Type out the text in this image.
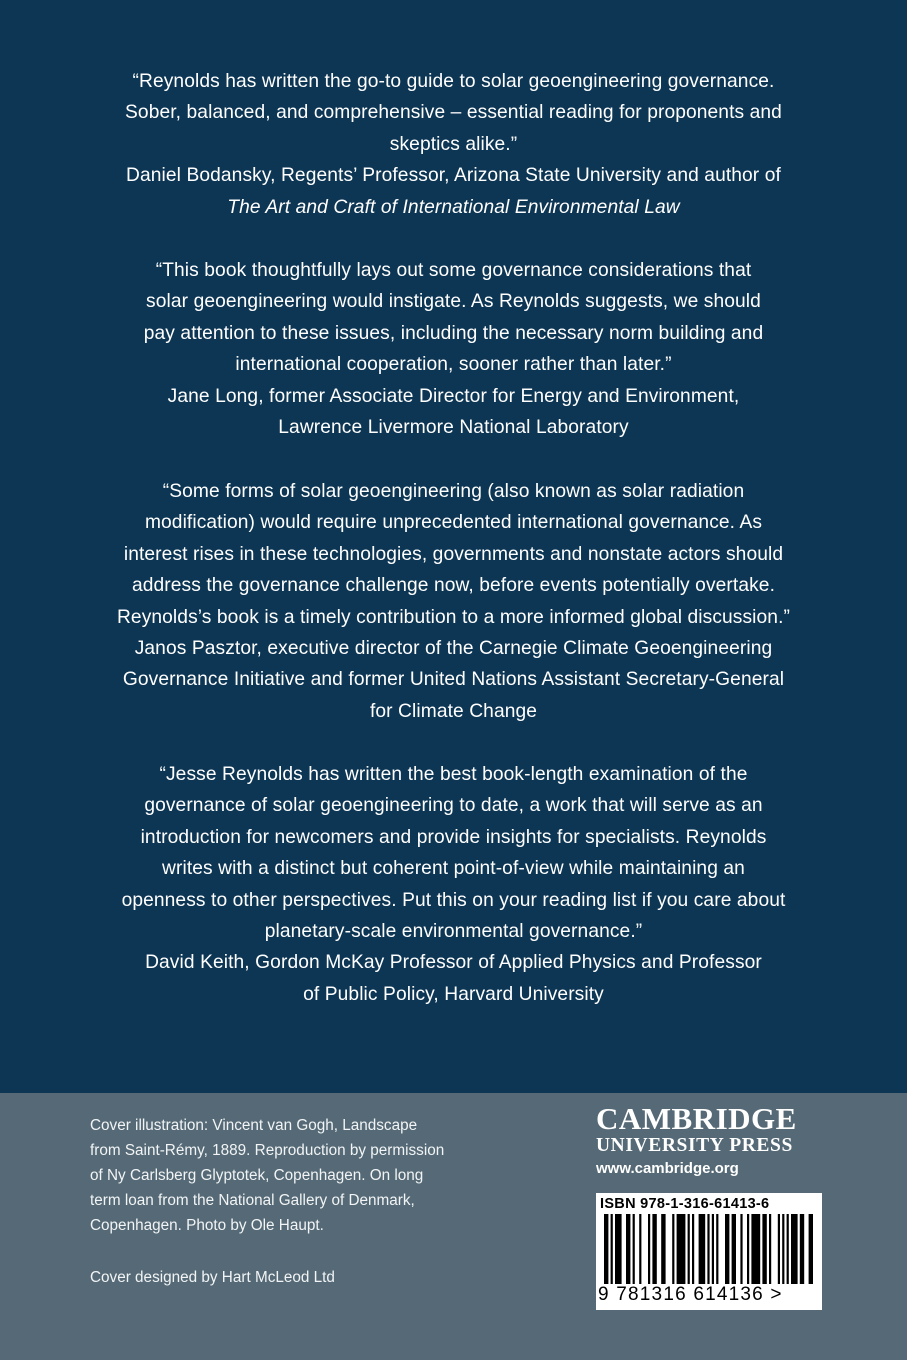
“Reynolds has written the go-to guide to solar geoengineering governance.
Sober, balanced, and comprehensive – essential reading for proponents and
skeptics alike.”
Daniel Bodansky, Regents’ Professor, Arizona State University and author of
The Art and Craft of International Environmental Law
“This book thoughtfully lays out some governance considerations that
solar geoengineering would instigate. As Reynolds suggests, we should
pay attention to these issues, including the necessary norm building and
international cooperation, sooner rather than later.”
Jane Long, former Associate Director for Energy and Environment,
Lawrence Livermore National Laboratory
“Some forms of solar geoengineering (also known as solar radiation
modification) would require unprecedented international governance. As
interest rises in these technologies, governments and nonstate actors should
address the governance challenge now, before events potentially overtake.
Reynolds’s book is a timely contribution to a more informed global discussion.”
Janos Pasztor, executive director of the Carnegie Climate Geoengineering
Governance Initiative and former United Nations Assistant Secretary-General
for Climate Change
“Jesse Reynolds has written the best book-length examination of the
governance of solar geoengineering to date, a work that will serve as an
introduction for newcomers and provide insights for specialists. Reynolds
writes with a distinct but coherent point-of-view while maintaining an
openness to other perspectives. Put this on your reading list if you care about
planetary-scale environmental governance.”
David Keith, Gordon McKay Professor of Applied Physics and Professor
of Public Policy, Harvard University
Cover illustration: Vincent van Gogh, Landscape
from Saint-Rémy, 1889. Reproduction by permission
of Ny Carlsberg Glyptotek, Copenhagen. On long
term loan from the National Gallery of Denmark,
Copenhagen. Photo by Ole Haupt.
Cover designed by Hart McLeod Ltd
CAMBRIDGE
UNIVERSITY PRESS
www.cambridge.org
ISBN 978-1-316-61413-6
9 781316 614136 >
